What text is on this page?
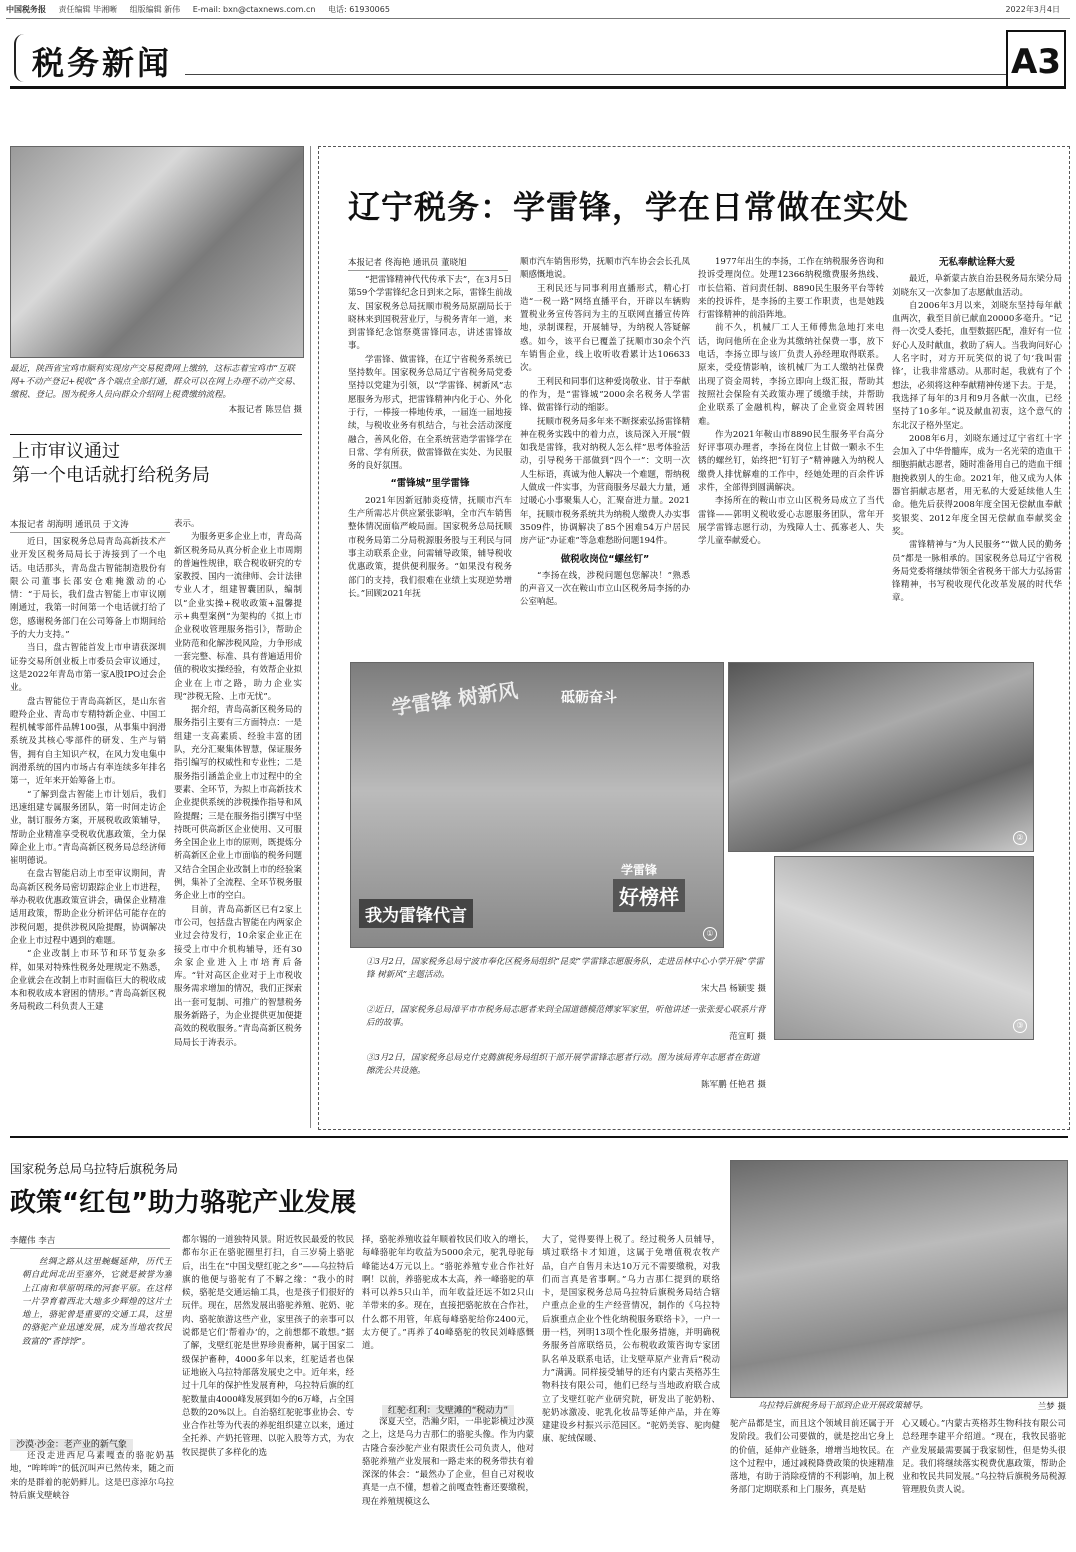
中国税务报 责任编辑 毕湘晰 组版编辑 新伟 E-mail: bxn@ctaxnews.com.cn 电话: 61930065	2022年3月4日
税务新闻	A3
最近，陕西省宝鸡市顺利实现房产交易税费网上缴纳，这标志着宝鸡市“互联网+不动产登记+税收”各个端点全部打通，群众可以在网上办理不动产交易、缴税、登记。图为税务人员向群众介绍网上税费缴纳流程。
本报记者 陈昱信 摄
上市审议通过
第一个电话就打给税务局
本报记者 胡海明 通讯员 于文涛

近日，国家税务总局青岛高新技术产业开发区税务局局长于涛接到了一个电话。电话那头，青岛盘古智能制造股份有限公司董事长邵安仓难掩激动的心情：“于局长，我们盘古智能上市审议刚刚通过，我第一时间第一个电话就打给了您，感谢税务部门在公司筹备上市期间给予的大力支持。”

当日，盘古智能首发上市申请获深圳证券交易所创业板上市委员会审议通过，这是2022年青岛市第一家A股IPO过会企业。

盘古智能位于青岛高新区，是山东省瞪羚企业、青岛市专精特新企业、中国工程机械零部件品牌100强，从事集中润滑系统及其核心零部件的研发、生产与销售，拥有自主知识产权，在风力发电集中润滑系统的国内市场占有率连续多年排名第一，近年来开始筹备上市。

“了解到盘古智能上市计划后，我们迅速组建专属服务团队，第一时间走访企业，制订服务方案，开展税收政策辅导，帮助企业精准享受税收优惠政策，全力保障企业上市。”青岛高新区税务局总经济师崔明德说。

在盘古智能启动上市至审议期间，青岛高新区税务局密切跟踪企业上市进程，举办税收优惠政策宣讲会，确保企业精准适用政策，帮助企业分析评估可能存在的涉税问题，提供涉税风险提醒，协调解决企业上市过程中遇到的难题。

“企业改制上市环节和环节复杂多样，如果对特殊性税务处理规定不熟悉，企业就会在改制上市时面临巨大的税收成本和税收成本窘困的情形。”青岛高新区税务局税政二科负责人王建

表示。

为服务更多企业上市，青岛高新区税务局从真分析企业上市周期的普遍性规律，联合税收研究的专家教授、国内一流律师、会计法律专业人才，组建智囊团队，编制以“企业实操+税收政策+温馨提示+典型案例”为架构的《拟上市企业税收管理服务指引》，帮助企业防范和化解涉税风险，力争形成一套完整、标准、具有普遍适用价值的税收实操经验，有效帮企业拟企业在上市之路，助力企业实现“涉税无险、上市无忧”。

据介绍，青岛高新区税务局的服务指引主要有三方面特点：一是组建一支高素质、经验丰富的团队，充分汇聚集体智慧，保证服务指引编写的权威性和专业性；二是服务指引涵盖企业上市过程中的全要素、全环节，为拟上市高新技术企业提供系统的涉税操作指导和风险提醒；三是在服务指引撰写中坚持既可供高新区企业使用、又可服务全国企业上市的原则，既提炼分析高新区企业上市面临的税务问题又结合全国企业改制上市的经验案例，集补了全流程、全环节税务服务企业上市的空白。

目前，青岛高新区已有2家上市公司，包括盘古智能在内两家企业过会待发行，10余家企业正在接受上市中介机构辅导，还有30余家企业进入上市培育后备库。“针对高区企业对于上市税收服务需求增加的情况，我们正探索出一套可复制、可推广的智慧税务服务新路子，为企业提供更加便捷高效的税收服务。”青岛高新区税务局局长于涛表示。

辽宁税务：学雷锋，学在日常做在实处
本报记者 佟海艳 通讯员 董晓旭

“把雷锋精神代代传承下去”，在3月5日第59个学雷锋纪念日到来之际，雷锋生前战友、国家税务总局抚顺市税务局原副局长于晓林来到国税营业厅，与税务青年一道，来到雷锋纪念馆祭奠雷锋同志，讲述雷锋故事。

学雷锋、做雷锋，在辽宁省税务系统已坚持数年。国家税务总局辽宁省税务局党委坚持以党建为引领，以“学雷锋、树新风”志愿服务为形式，把雷锋精神内化于心、外化于行，一棒接一棒地传承，一届连一届地接续，与税收业务有机结合，与社会活动深度融合，善风化俗，在全系统营造学雷锋学在日常、学有所获，做雷锋做在实处、为民服务的良好氛围。

“雷锋城”里学雷锋

2021年因新冠肺炎疫情，抚顺市汽车生产所需芯片供应紧张影响，全市汽车销售整体情况面临严峻局面。国家税务总局抚顺市税务局第二分局税源服务股与王利民与同事主动联系企业，问需辅导政策，辅导税收优惠政策，提供便利服务。“如果没有税务部门的支持，我们很难在业绩上实现逆势增长。”回顾2021年抚

顺市汽车销售形势，抚顺市汽车协会会长孔凤顺感慨地说。

王利民还与同事利用直播形式，精心打造“一税一路”网络直播平台，开辟以车辆购置税业务宣传答问为主的互联网直播宣传阵地，录制课程，开展辅导，为纳税人答疑解惑。如今，该平台已覆盖了抚顺市30余个汽车销售企业，线上收听收看累计达106633次。

王利民和同事们这种爱岗敬业、甘于奉献的作为，是“雷锋城”2000余名税务人学雷锋、做雷锋行动的缩影。

抚顺市税务局多年来不断探索弘扬雷锋精神在税务实践中的着力点，该局深入开展“假如我是雷锋，我对纳税人怎么样”思考体验活动，引导税务干部做到“四个一”：文明一次人生标语，真诚为他人解决一个难题，帮纳税人做成一件实事，为营商服务尽最大力量，通过暖心小事聚集人心，汇聚奋进力量。2021年，抚顺市税务系统共为纳税人缴费人办实事3509件，协调解决了85个困难54万户居民房产证“办证难”等急难愁盼问题194件。

做税收岗位“螺丝钉”

“李扬在线，涉税问题包您解决！”熟悉的声音又一次在鞍山市立山区税务局李扬的办公室响起。

1977年出生的李扬，工作在纳税服务咨询和投诉受理岗位。处理12366纳税缴费服务热线、市长信箱、首问责任制、8890民生服务平台等转来的投诉件，是李扬的主要工作职责，也是她践行雷锋精神的前沿阵地。

前不久，机械厂工人王师傅焦急地打来电话，询问他所在企业为其缴纳社保费一事，放下电话，李扬立即与该厂负责人孙经理取得联系。原来，受疫情影响，该机械厂为工人缴纳社保费出现了资金周转，李扬立即向上级汇报，帮助其按照社会保险有关政策办理了缓缴手续，并帮助企业联系了金融机构，解决了企业资金周转困难。

作为2021年鞍山市8890民生服务平台高分好评事项办理者，李扬在岗位上甘做一颗永不生锈的螺丝钉，始终把“钉钉子”精神融入为纳税人缴费人排忧解难的工作中，经她处理的百余件诉求件，全部得到圆满解决。

李扬所在的鞍山市立山区税务局成立了当代雷锋——郭明义税收爱心志愿服务团队，常年开展学雷锋志愿行动，为残障人士、孤寡老人、失学儿童奉献爱心。

无私奉献诠释大爱

最近，阜新蒙古族自治县税务局东梁分局刘晓东又一次参加了志愿献血活动。

自2006年3月以来，刘晓东坚持每年献血两次，截至目前已献血20000多毫升。“记得一次受人委托，血型数据匹配，准好有一位好心人及时献血，救助了病人。当我询问好心人名字时，对方开玩笑似的说了句‘我叫雷锋’，让我非常感动。从那时起，我就有了个想法，必须将这种奉献精神传递下去。于是，我选择了每年的3月和9月各献一次血，已经坚持了10多年。”说及献血初衷，这个意气的东北汉子格外坚定。

2008年6月，刘晓东通过辽宁省红十字会加入了中华骨髓库，成为一名光荣的造血干细胞捐献志愿者，随时准备用自己的造血干细胞挽救别人的生命。2021年，他又成为人体器官捐献志愿者，用无私的大爱延续他人生命。他先后获得2008年度全国无偿献血奉献奖银奖、2012年度全国无偿献血奉献奖金奖。

雷锋精神与“为人民服务”“做人民的勤务员”都是一脉相承的。国家税务总局辽宁省税务局党委将继续带领全省税务干部大力弘扬雷锋精神，书写税收现代化改革发展的时代华章。

学雷锋 树新风	砥砺奋斗
我为雷锋代言
学雷锋
好榜样
①
②
③
①3月2日，国家税务总局宁波市奉化区税务局组织“昆奕”学雷锋志愿服务队，走进岳林中心小学开展“学雷锋 树新风”主题活动。
宋大昌 杨颖雯 摄
②近日，国家税务总局漳平市市税务局志愿者来到全国道德模范傅家军家里，听他讲述一张张爱心联系片背后的故事。
范宣町 摄
③3月2日，国家税务总局克什克腾旗税务局组织干部开展学雷锋志愿者行动。图为该局青年志愿者在街道擦洗公共设施。
陈军鹏 任艳君 摄
国家税务总局乌拉特后旗税务局
政策“红包”助力骆驼产业发展
李耀伟 李吉

丝绸之路从这里蜿蜒延伸，历代王朝自此间北出至塞外，它就是被誉为塞上江南和草原明珠的河套平原。在这样一片孕育着西北大地多少辉煌的这片土地上，骆驼曾是重要的交通工具，这里的骆驼产业迅速发展，成为当地农牧民致富的“香饽饽”。

沙漠·沙金：老产业的新气象

还没走进西尼乌素嘎查的骆驼奶基地，“哞哞哞”的低沉叫声已然传来，随之而来的是群着的驼奶鲜儿。这是巴彦淖尔乌拉特后旗戈壁峡谷

都尔锡的一道独特风景。附近牧民最爱的牧民都布尔正在骆驼圈里打扫，自三岁骑上骆驼后，出生在“中国戈壁红驼之乡”——乌拉特后旗的他便与骆驼有了不解之缘：“我小的时候，骆驼是交通运输工具，也是孩子们很好的玩伴。现在，居然发展出骆驼养殖、驼奶、驼肉、骆驼旅游这些产业，家里孩子的亲事可以说都是它们‘帮着办’的，之前想都不敢想。”据了解，戈壁红驼是世界珍贵畜种，属于国家二级保护畜种，4000多年以来，红驼适者也保证地嵌入乌拉特部落发展史之中。近年来，经过十几年的保护性发展育种，乌拉特后旗的红驼数量由4000峰发展到如今的6万峰，占全国总数的20%以上。自治骆红驼驼事业协会、专业合作社等为代表的养驼组织建立以来，通过全托养、产奶托管理、以驼入股等方式，为农牧民提供了多样化的选

择，骆驼养殖收益年顺着牧民们收入的增长，每峰骆驼年均收益为5000余元，驼乳母驼每峰能达4万元以上。“骆驼养殖专业合作社好啊！以前，养骆驼成本太高，养一峰骆驼的草料可以养5只山羊，而年收益还远不如2只山羊带来的多。现在，直接把骆驼放在合作社，什么都不用管，年底每峰骆驼给你2400元，太方便了。”再养了40峰骆驼的牧民刘峰感慨道。

红驼·红利：戈壁滩的“税动力”

深夏天空，浩瀚夕阳，一串驼影横过沙漠之上，这是乌力吉那仁的骆驼头像。作为内蒙古隆合泰沙驼产业有限责任公司负责人，他对骆驼养殖产业发展和一路走来的税务带扶有着深深的体会：“最然办了企业，但自己对税收真是一点不懂，想着之前嘎查牲畜还要缴税，现在养殖规模这么

大了，觉得要得上税了。经过税务人员辅导，填过联络卡才知道，这属于免增值税农牧产品，自产自售月未达10万元不需要缴税，对我们而言真是省事啊。”乌力吉那仁提到的联络卡，是国家税务总局乌拉特后旗税务局结合辖户重点企业的生产经营情况，制作的《乌拉特后旗重点企业个性化纳税服务联络卡》，一户一册一档，列明13项个性化服务措施，并明确税务服务首席联络员，公布税收政策咨询专家团队名单及联系电话，让戈壁草原产业背后“税动力”满满。同样接受辅导的还有内蒙古英格苏生物科技有限公司，他们已经与当地政府联合成立了戈壁红驼产业研究院，研发出了驼奶粉、驼奶冰激凌、驼乳化妆品等延伸产品，并在筹建建设乡村振兴示范园区。“驼奶美容、驼肉健康、驼绒保暖、

乌拉特后旗税务局干部到企业开展政策辅导。	兰梦 摄

驼产品都是宝，而且这个领域目前还属于开发阶段。我们公司要做的，就是挖出它身上的价值，延伸产业链条，增增当地牧民。在这个过程中，通过减税降费政策的快速精准落地，有助于消除疫情的不利影响，加上税务部门定期联系和上门服务，真是贴

心又暖心。”内蒙古英格苏生物科技有限公司总经理李建平介绍道。“现在，我牧民骆驼产业发展最需要属于我家韧性，但是势头很足。我们将继续落实税费优惠政策，帮助企业和牧民共同发展。”乌拉特后旗税务局税源管理股负责人说。
